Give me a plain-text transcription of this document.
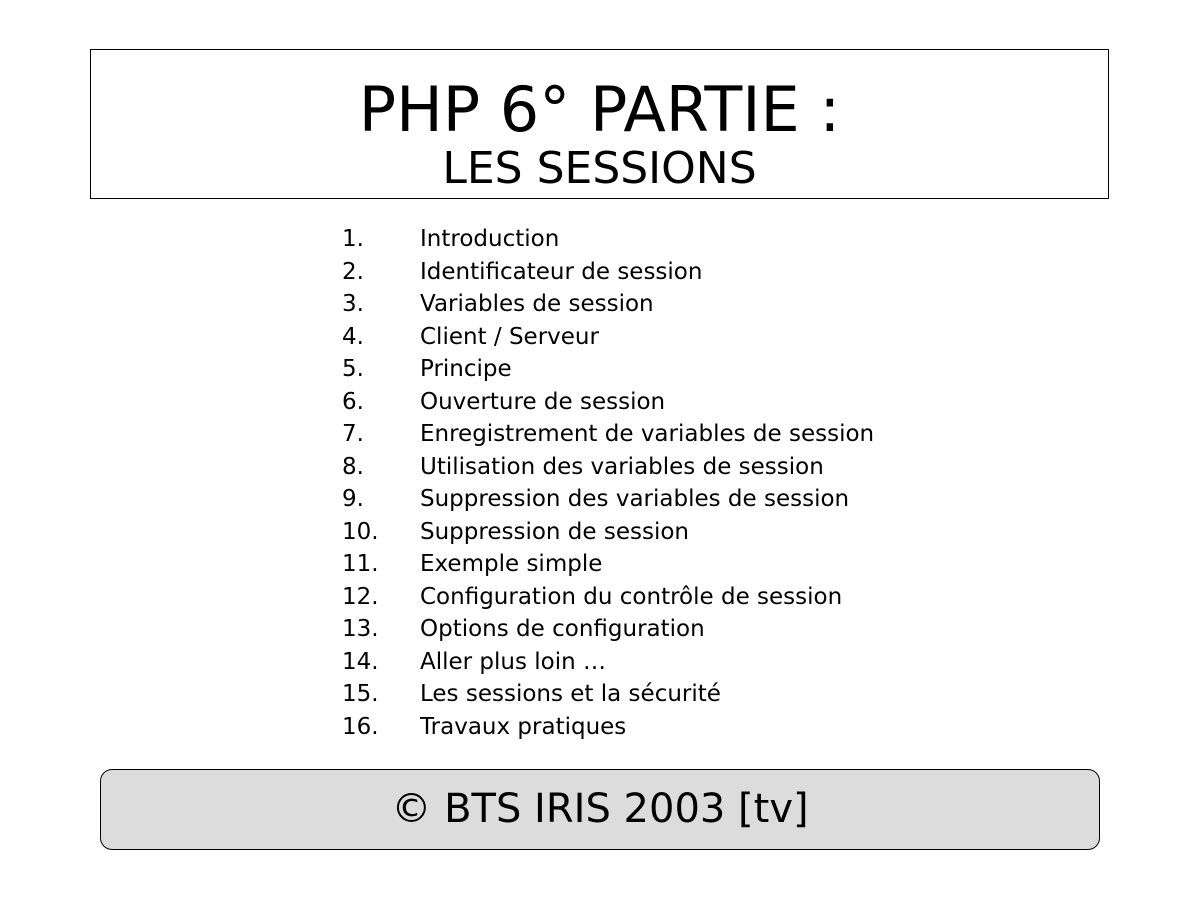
PHP 6° PARTIE :
LES SESSIONS
1.	Introduction
2.	Identificateur de session
3.	Variables de session
4.	Client / Serveur
5.	Principe
6.	Ouverture de session
7.	Enregistrement de variables de session
8.	Utilisation des variables de session
9.	Suppression des variables de session
10.	Suppression de session
11.	Exemple simple
12.	Configuration du contrôle de session
13.	Options de configuration
14.	Aller plus loin …
15.	Les sessions et la sécurité
16.	Travaux pratiques
© BTS IRIS 2003 [tv]
